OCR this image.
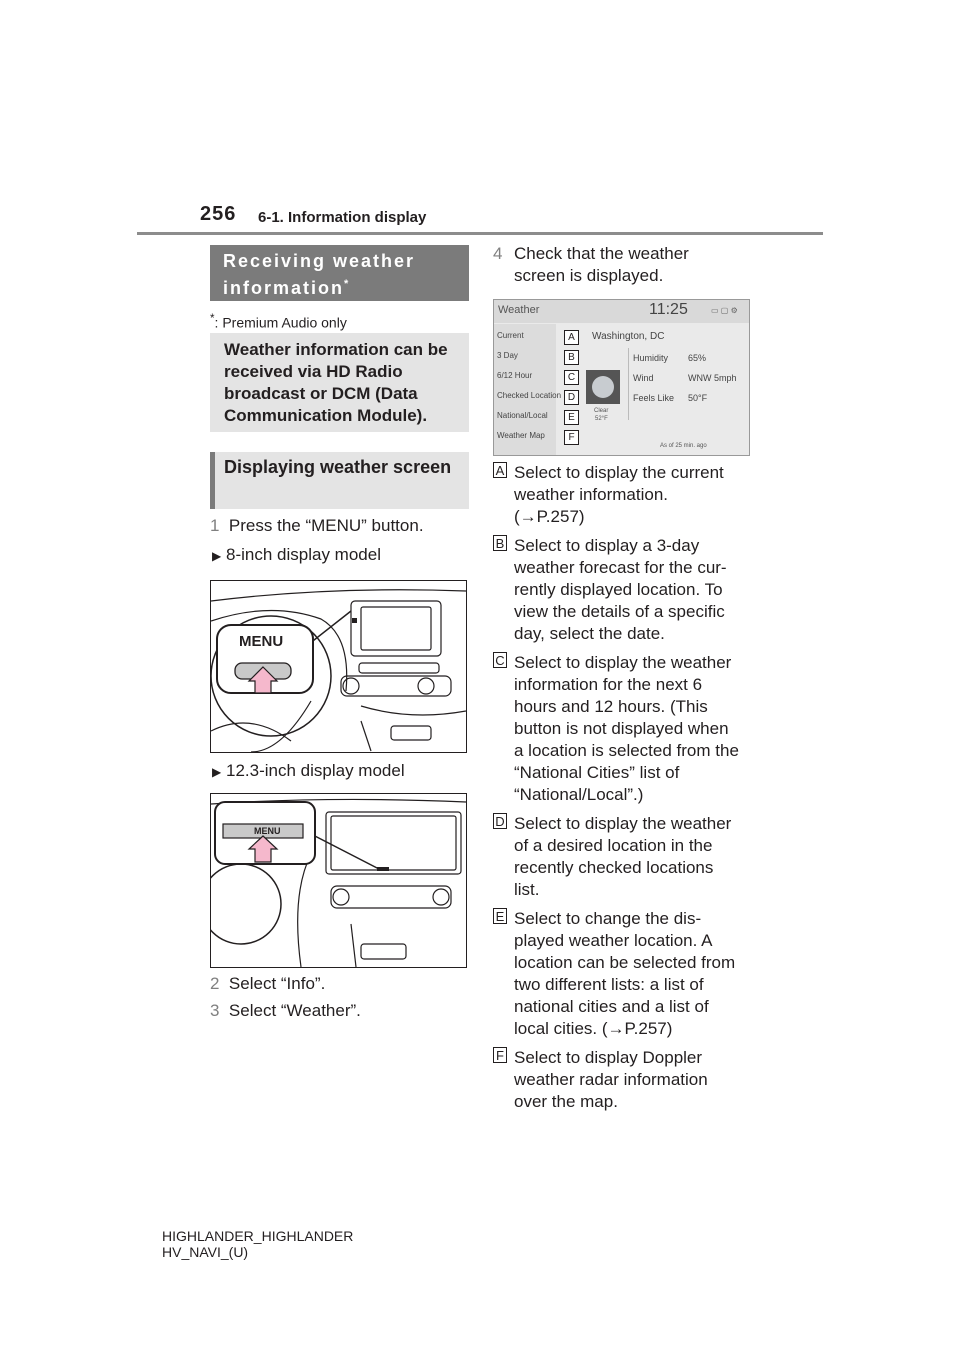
256 6-1. Information display
Receiving weather information*
*: Premium Audio only
Weather information can be received via HD Radio broadcast or DCM (Data Communication Module).
Displaying weather screen
1 Press the “MENU” button.
▶ 8-inch display model
MENU
▶ 12.3-inch display model
MENU
2 Select “Info”.
3 Select “Weather”.
4 Check that the weather screen is displayed.
Weather	11:25	▭ ▢ ⚙
Current	A
3 Day	B
6/12 Hour	C
Checked Location D
National/Local	E
Weather Map	F
Washington, DC
Clear
52°F
Humidity 65%
Wind	WNW 5mph
Feels Like 50°F
As of 25 min. ago
A Select to display the current weather information. (→P.257)
B Select to display a 3-day weather forecast for the cur-rently displayed location. To view the details of a specific day, select the date.
C Select to display the weather information for the next 6 hours and 12 hours. (This button is not displayed when a location is selected from the “National Cities” list of “National/Local”.)
D Select to display the weather of a desired location in the recently checked locations list.
E Select to change the dis-played weather location. A location can be selected from two different lists: a list of national cities and a list of local cities. (→P.257)
F Select to display Doppler weather radar information over the map.
HIGHLANDER_HIGHLANDER
HV_NAVI_(U)
